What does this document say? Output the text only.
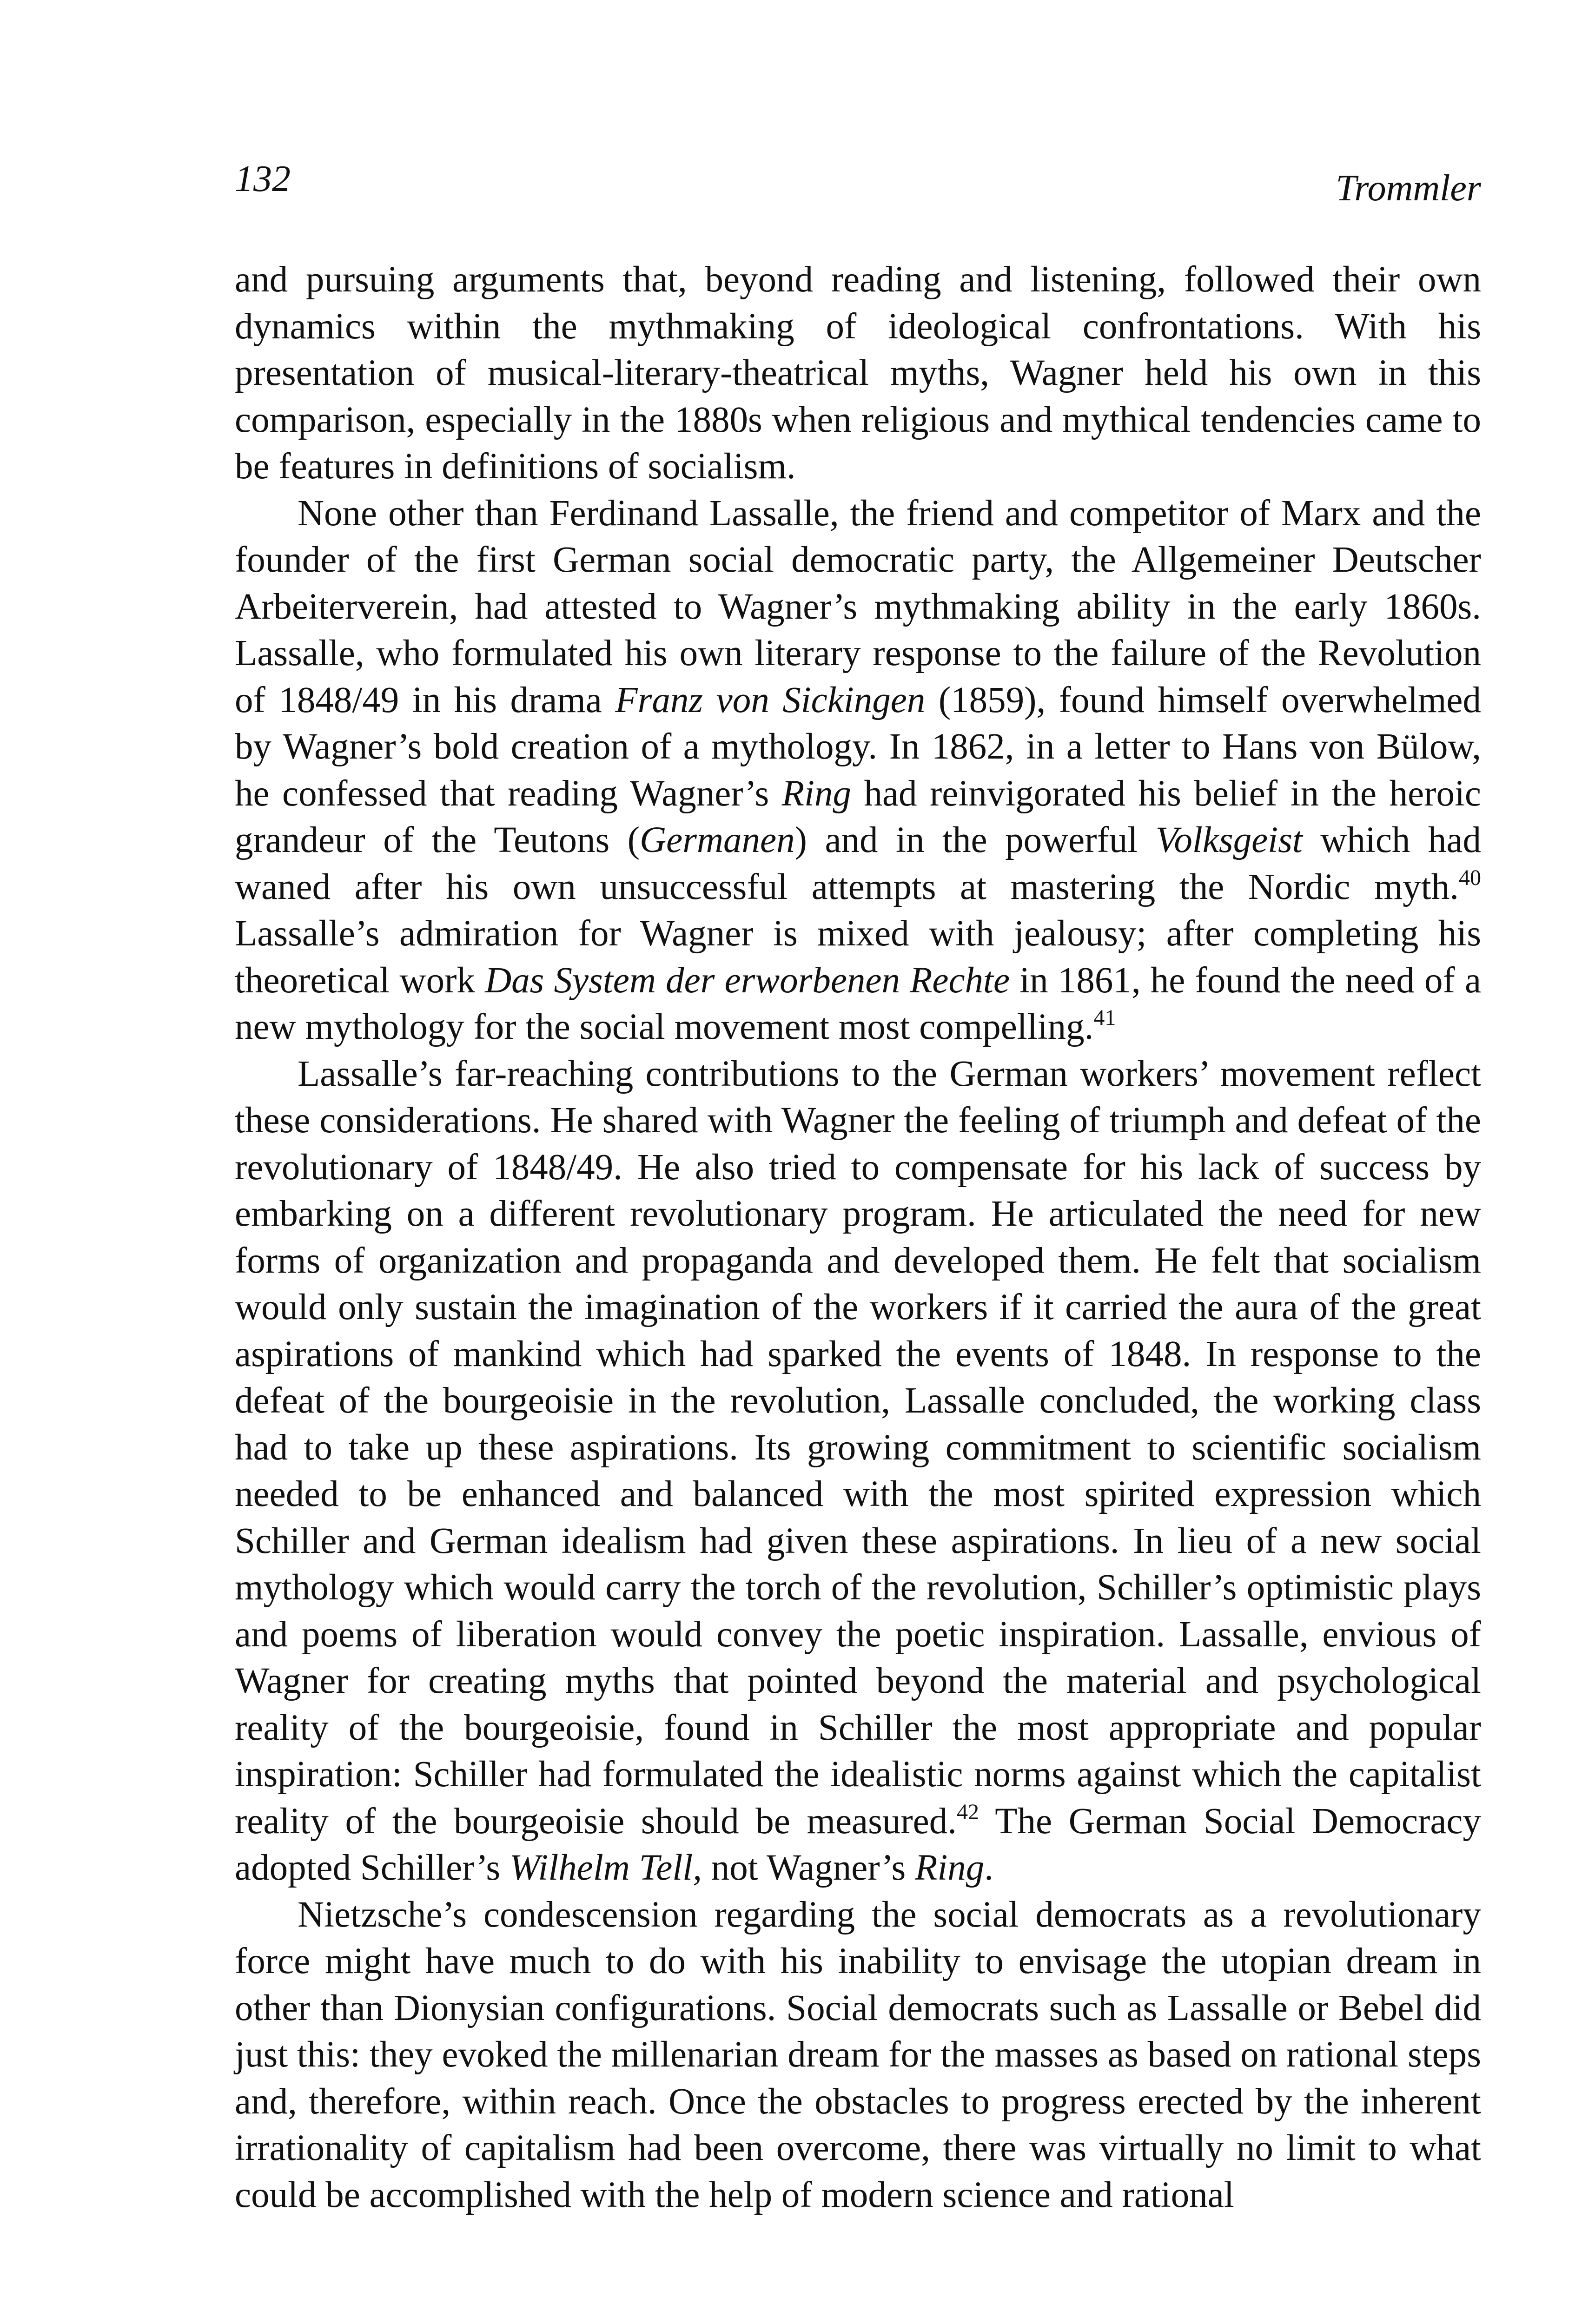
132	Trommler

and pursuing arguments that, beyond reading and listening, followed their own dynamics within the mythmaking of ideological confrontations. With his presentation of musical-literary-theatrical myths, Wagner held his own in this comparison, especially in the 1880s when religious and mythical tendencies came to be features in definitions of socialism.

None other than Ferdinand Lassalle, the friend and competitor of Marx and the founder of the first German social democratic party, the Allgemeiner Deutscher Arbeiterverein, had attested to Wagner’s mythmaking ability in the early 1860s. Lassalle, who formulated his own literary response to the failure of the Revolution of 1848/49 in his drama Franz von Sickingen (1859), found himself overwhelmed by Wagner’s bold creation of a mythology. In 1862, in a letter to Hans von Bülow, he confessed that reading Wagner’s Ring had reinvigorated his belief in the heroic grandeur of the Teutons (Germanen) and in the powerful Volksgeist which had waned after his own unsuccessful attempts at mastering the Nordic myth.$^{40}$ Lassalle’s admiration for Wagner is mixed with jealousy; after completing his theoretical work Das System der erworbenen Rechte in 1861, he found the need of a new mythology for the social movement most compelling.$^{41}$

Lassalle’s far-reaching contributions to the German workers’ movement reflect these considerations. He shared with Wagner the feeling of triumph and defeat of the revolutionary of 1848/49. He also tried to compensate for his lack of success by embarking on a different revolutionary program. He articulated the need for new forms of organization and propaganda and developed them. He felt that socialism would only sustain the imagination of the workers if it carried the aura of the great aspirations of mankind which had sparked the events of 1848. In response to the defeat of the bourgeoisie in the revolution, Lassalle concluded, the working class had to take up these aspirations. Its growing commitment to scientific socialism needed to be enhanced and balanced with the most spirited expression which Schiller and German idealism had given these aspirations. In lieu of a new social mythology which would carry the torch of the revolution, Schiller’s optimistic plays and poems of liberation would convey the poetic inspiration. Lassalle, envious of Wagner for creating myths that pointed beyond the material and psychological reality of the bourgeoisie, found in Schiller the most appropriate and popular inspiration: Schiller had formulated the idealistic norms against which the capitalist reality of the bourgeoisie should be measured.$^{42}$ The German Social Democracy adopted Schiller’s Wilhelm Tell, not Wagner’s Ring.

Nietzsche’s condescension regarding the social democrats as a revolutionary force might have much to do with his inability to envisage the utopian dream in other than Dionysian configurations. Social democrats such as Lassalle or Bebel did just this: they evoked the millenarian dream for the masses as based on rational steps and, therefore, within reach. Once the obstacles to progress erected by the inherent irrationality of capitalism had been overcome, there was virtually no limit to what could be accomplished with the help of modern science and rational
